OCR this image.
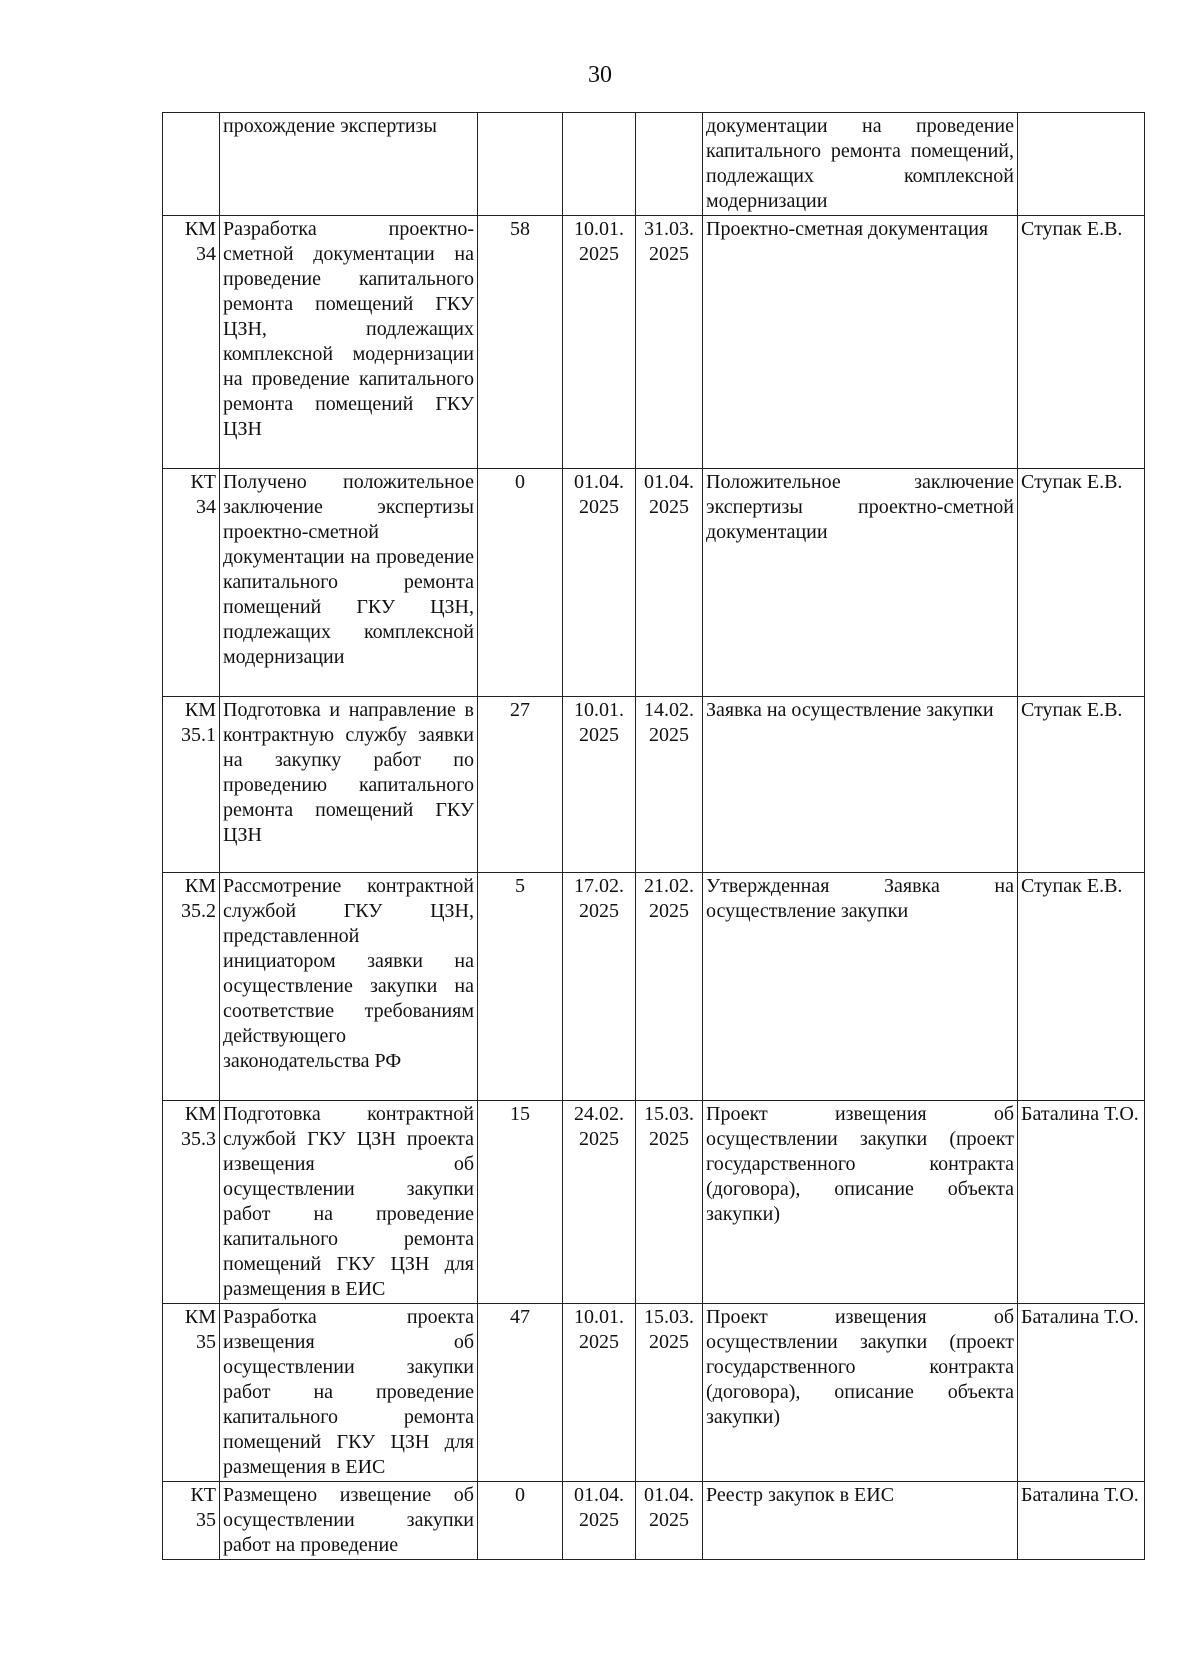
30
	прохождение экспертизы				документации на проведение капитального ремонта помещений, подлежащих комплексной модернизации	
КМ 34	Разработка проектно-сметной документации на проведение капитального ремонта помещений ГКУ ЦЗН, подлежащих комплексной модернизации на проведение капитального ремонта помещений ГКУ ЦЗН	58	10.01. 2025	31.03. 2025	Проектно-сметная документация	Ступак Е.В.
КТ 34	Получено положительное заключение экспертизы проектно-сметной документации на проведение капитального ремонта помещений ГКУ ЦЗН, подлежащих комплексной модернизации	0	01.04. 2025	01.04. 2025	Положительное заключение экспертизы проектно-сметной документации	Ступак Е.В.
КМ 35.1	Подготовка и направление в контрактную службу заявки на закупку работ по проведению капитального ремонта помещений ГКУ ЦЗН	27	10.01. 2025	14.02. 2025	Заявка на осуществление закупки	Ступак Е.В.
КМ 35.2	Рассмотрение контрактной службой ГКУ ЦЗН, представленной инициатором заявки на осуществление закупки на соответствие требованиям действующего законодательства РФ	5	17.02. 2025	21.02. 2025	Утвержденная Заявка на осуществление закупки	Ступак Е.В.
КМ 35.3	Подготовка контрактной службой ГКУ ЦЗН проекта извещения об осуществлении закупки работ на проведение капитального ремонта помещений ГКУ ЦЗН для размещения в ЕИС	15	24.02. 2025	15.03. 2025	Проект извещения об осуществлении закупки (проект государственного контракта (договора), описание объекта закупки)	Баталина Т.О.
КМ 35	Разработка проекта извещения об осуществлении закупки работ на проведение капитального ремонта помещений ГКУ ЦЗН для размещения в ЕИС	47	10.01. 2025	15.03. 2025	Проект извещения об осуществлении закупки (проект государственного контракта (договора), описание объекта закупки)	Баталина Т.О.
КТ 35	Размещено извещение об осуществлении закупки работ на проведение	0	01.04. 2025	01.04. 2025	Реестр закупок в ЕИС	Баталина Т.О.
